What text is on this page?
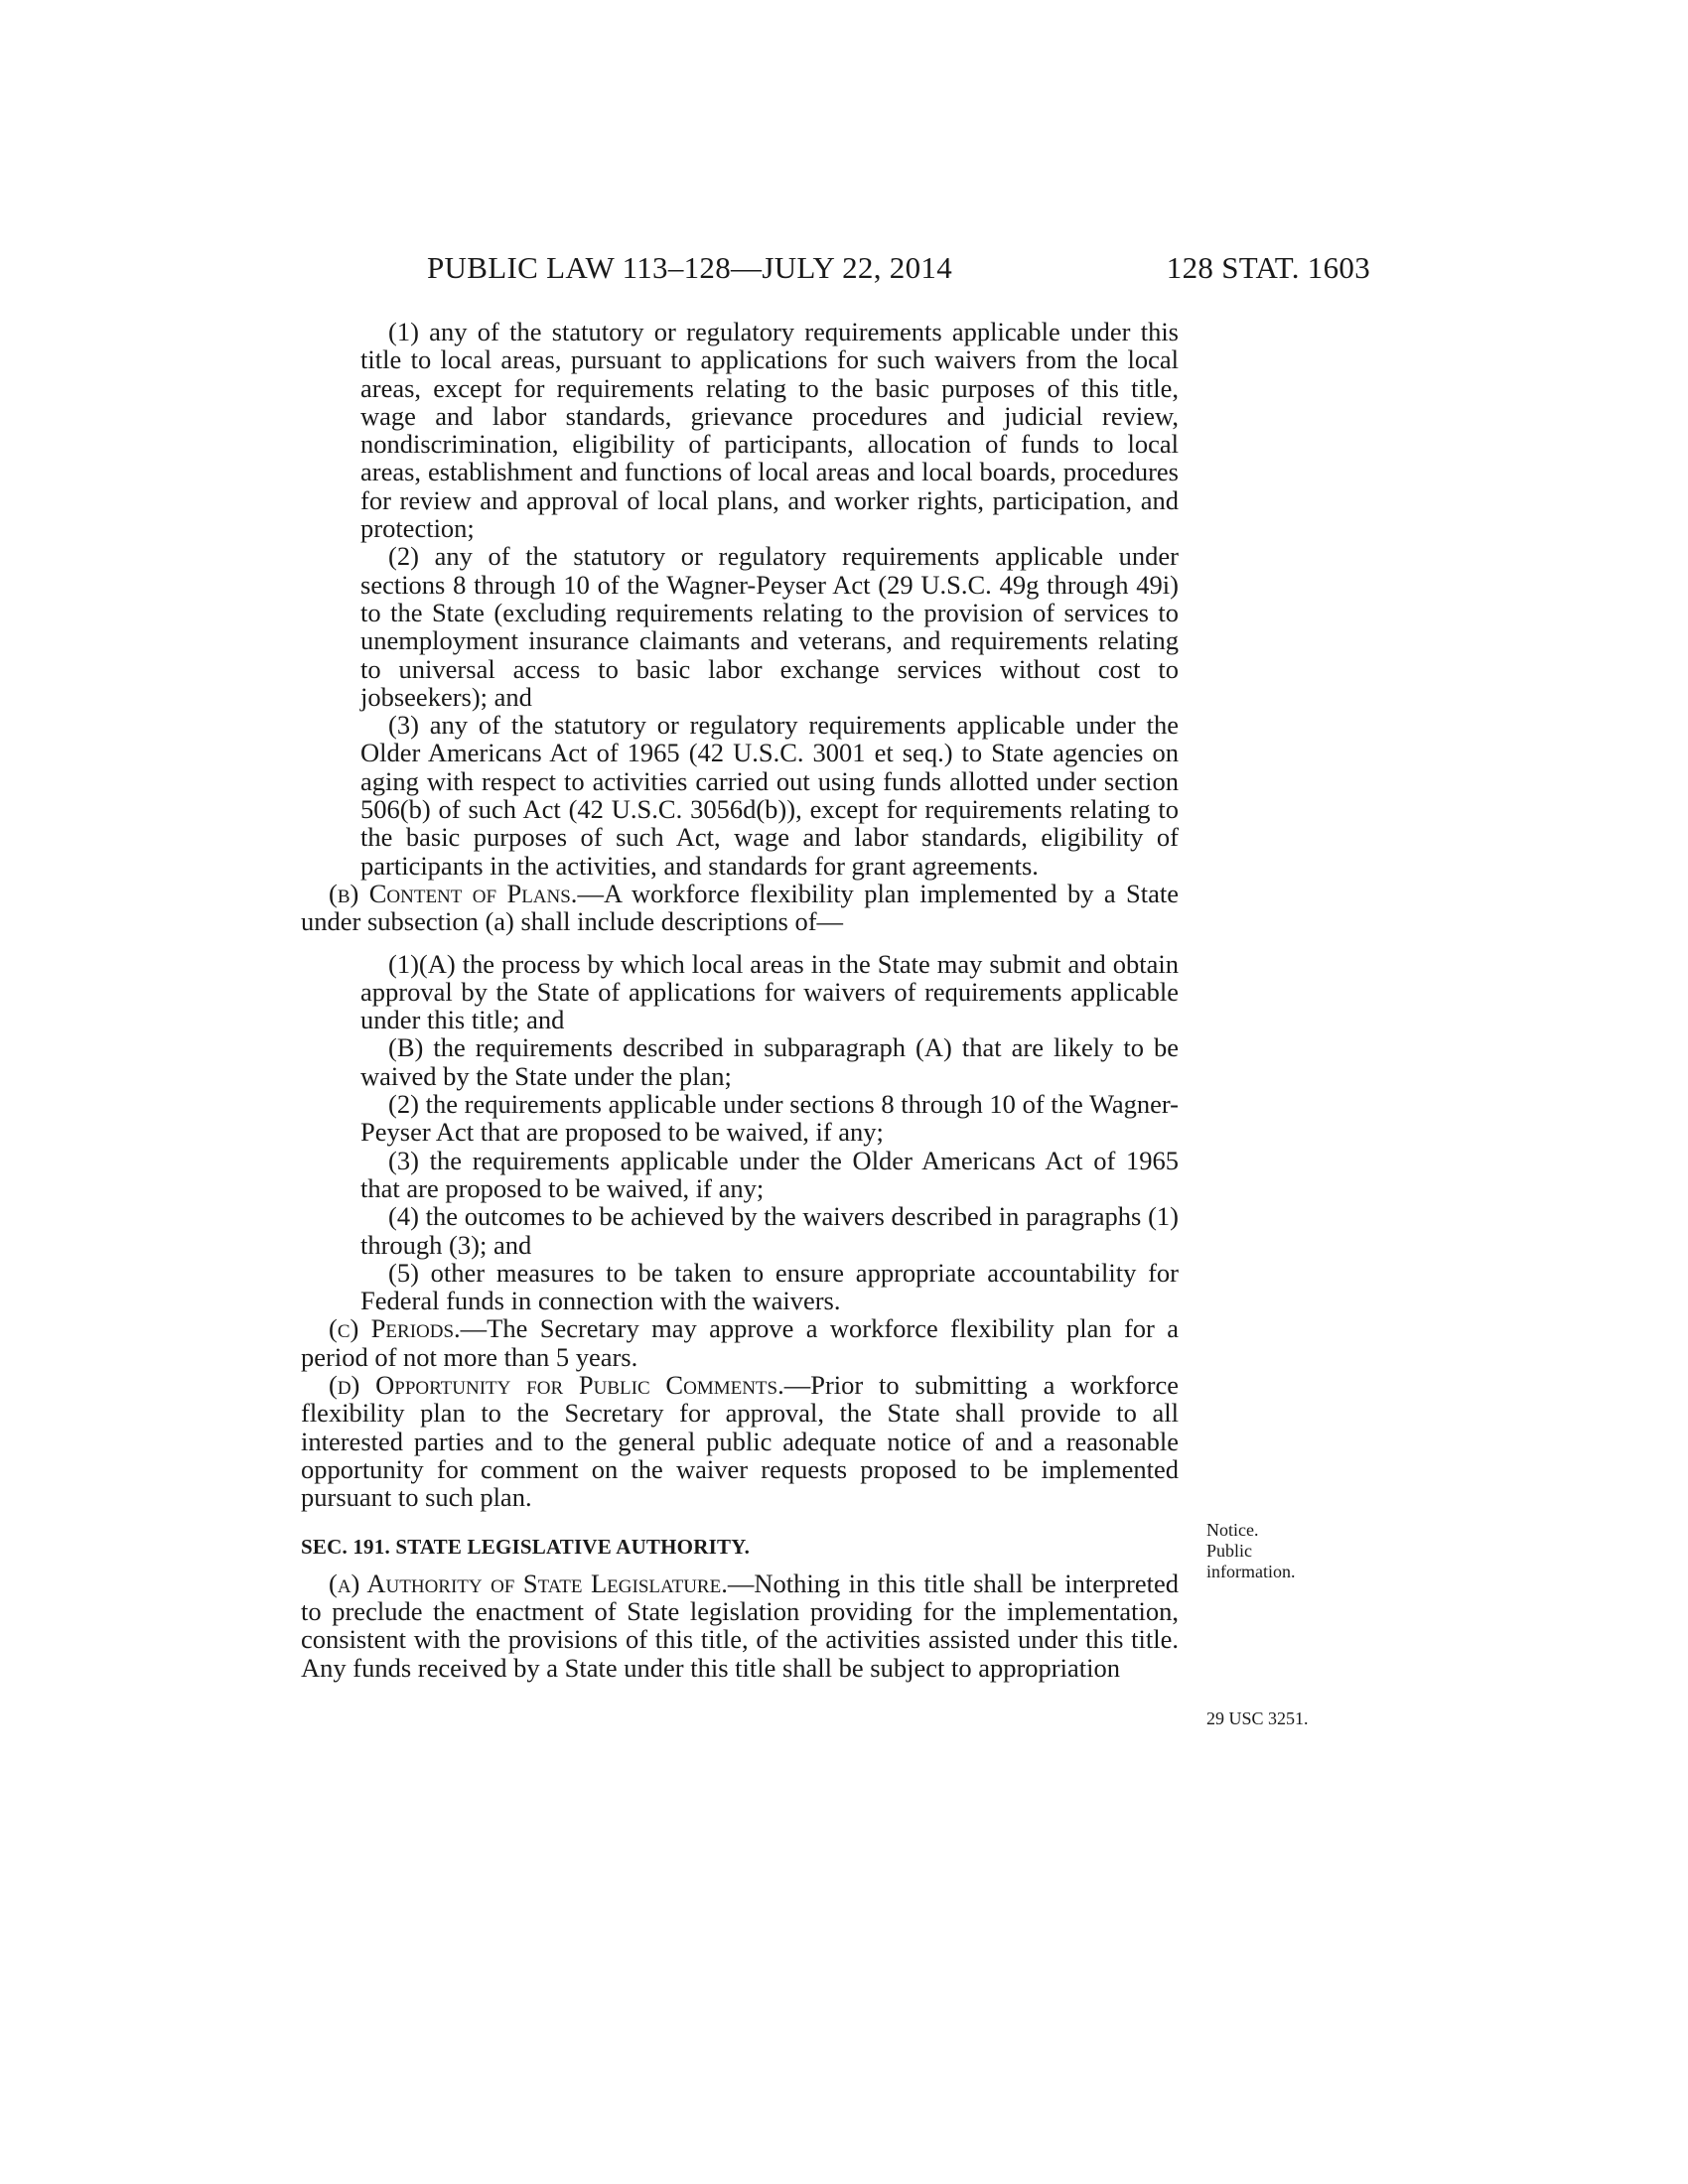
PUBLIC LAW 113–128—JULY 22, 2014	128 STAT. 1603

(1) any of the statutory or regulatory requirements applicable under this title to local areas, pursuant to applications for such waivers from the local areas, except for requirements relating to the basic purposes of this title, wage and labor standards, grievance procedures and judicial review, nondiscrimination, eligibility of participants, allocation of funds to local areas, establishment and functions of local areas and local boards, procedures for review and approval of local plans, and worker rights, participation, and protection;

(2) any of the statutory or regulatory requirements applicable under sections 8 through 10 of the Wagner-Peyser Act (29 U.S.C. 49g through 49i) to the State (excluding requirements relating to the provision of services to unemployment insurance claimants and veterans, and requirements relating to universal access to basic labor exchange services without cost to jobseekers); and

(3) any of the statutory or regulatory requirements applicable under the Older Americans Act of 1965 (42 U.S.C. 3001 et seq.) to State agencies on aging with respect to activities carried out using funds allotted under section 506(b) of such Act (42 U.S.C. 3056d(b)), except for requirements relating to the basic purposes of such Act, wage and labor standards, eligibility of participants in the activities, and standards for grant agreements.

(b) Content of Plans.—A workforce flexibility plan implemented by a State under subsection (a) shall include descriptions of—

(1)(A) the process by which local areas in the State may submit and obtain approval by the State of applications for waivers of requirements applicable under this title; and

(B) the requirements described in subparagraph (A) that are likely to be waived by the State under the plan;

(2) the requirements applicable under sections 8 through 10 of the Wagner-Peyser Act that are proposed to be waived, if any;

(3) the requirements applicable under the Older Americans Act of 1965 that are proposed to be waived, if any;

(4) the outcomes to be achieved by the waivers described in paragraphs (1) through (3); and

(5) other measures to be taken to ensure appropriate accountability for Federal funds in connection with the waivers.

(c) Periods.—The Secretary may approve a workforce flexibility plan for a period of not more than 5 years.

(d) Opportunity for Public Comments.—Prior to submitting a workforce flexibility plan to the Secretary for approval, the State shall provide to all interested parties and to the general public adequate notice of and a reasonable opportunity for comment on the waiver requests proposed to be implemented pursuant to such plan.

SEC. 191. STATE LEGISLATIVE AUTHORITY.

(a) Authority of State Legislature.—Nothing in this title shall be interpreted to preclude the enactment of State legislation providing for the implementation, consistent with the provisions of this title, of the activities assisted under this title. Any funds received by a State under this title shall be subject to appropriation

Notice.
Public information.
29 USC 3251.
